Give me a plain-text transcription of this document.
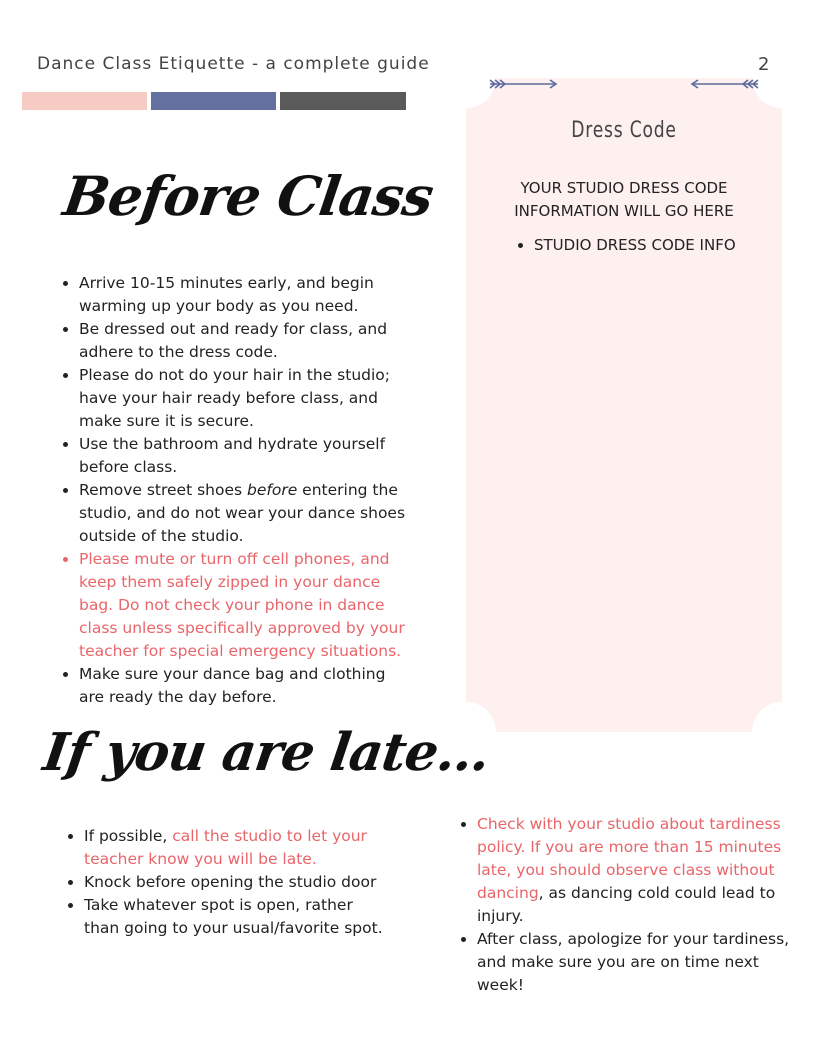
Dance Class Etiquette - a complete guide	2
Before Class
• Arrive 10-15 minutes early, and begin warming up your body as you need.
• Be dressed out and ready for class, and adhere to the dress code.
• Please do not do your hair in the studio; have your hair ready before class, and make sure it is secure.
• Use the bathroom and hydrate yourself before class.
• Remove street shoes before entering the studio, and do not wear your dance shoes outside of the studio.
• Please mute or turn off cell phones, and keep them safely zipped in your dance bag. Do not check your phone in dance class unless specifically approved by your teacher for special emergency situations.
• Make sure your dance bag and clothing are ready the day before.
Dress Code
YOUR STUDIO DRESS CODE INFORMATION WILL GO HERE
• STUDIO DRESS CODE INFO
If you are late...
• If possible, call the studio to let your teacher know you will be late.
• Knock before opening the studio door
• Take whatever spot is open, rather than going to your usual/favorite spot.
• Check with your studio about tardiness policy. If you are more than 15 minutes late, you should observe class without dancing, as dancing cold could lead to injury.
• After class, apologize for your tardiness, and make sure you are on time next week!
